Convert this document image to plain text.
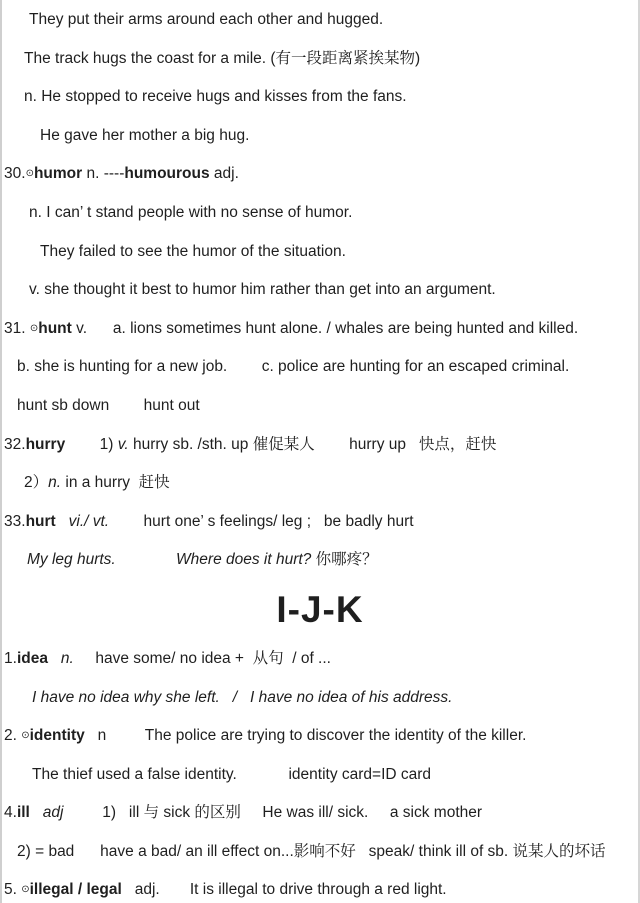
They put their arms around each other and hugged.
The track hugs the coast for a mile. (有一段距离紧挨某物)
n. He stopped to receive hugs and kisses from the fans.
He gave her mother a big hug.
30.⊙humor n. ----humourous adj.
n. I can’ t stand people with no sense of humor.
They failed to see the humor of the situation.
v. she thought it best to humor him rather than get into an argument.
31. ⊙hunt v.      a. lions sometimes hunt alone. / whales are being hunted and killed.
b. she is hunting for a new job.        c. police are hunting for an escaped criminal.
hunt sb down        hunt out
32.hurry        1) v. hurry sb. /sth. up 催促某人        hurry up   快点，赶快
2）n. in a hurry  赶快
33.hurt vi./ vt.        hurt one’ s feelings/ leg ;   be badly hurt
My leg hurts.	Where does it hurt? 你哪疼？
I-J-K
1.idea n.     have some/ no idea +  从句  / of ...
I have no idea why she left.   /   I have no idea of his address.
2. ⊙identity   n         The police are trying to discover the identity of the killer.
The thief used a false identity.            identity card=ID card
4.ill adj         1)   ill 与 sick 的区别     He was ill/ sick.     a sick mother
2) = bad      have a bad/ an ill effect on...影响不好   speak/ think ill of sb. 说某人的坏话
5. ⊙illegal / legal   adj.       It is illegal to drive through a red light.
